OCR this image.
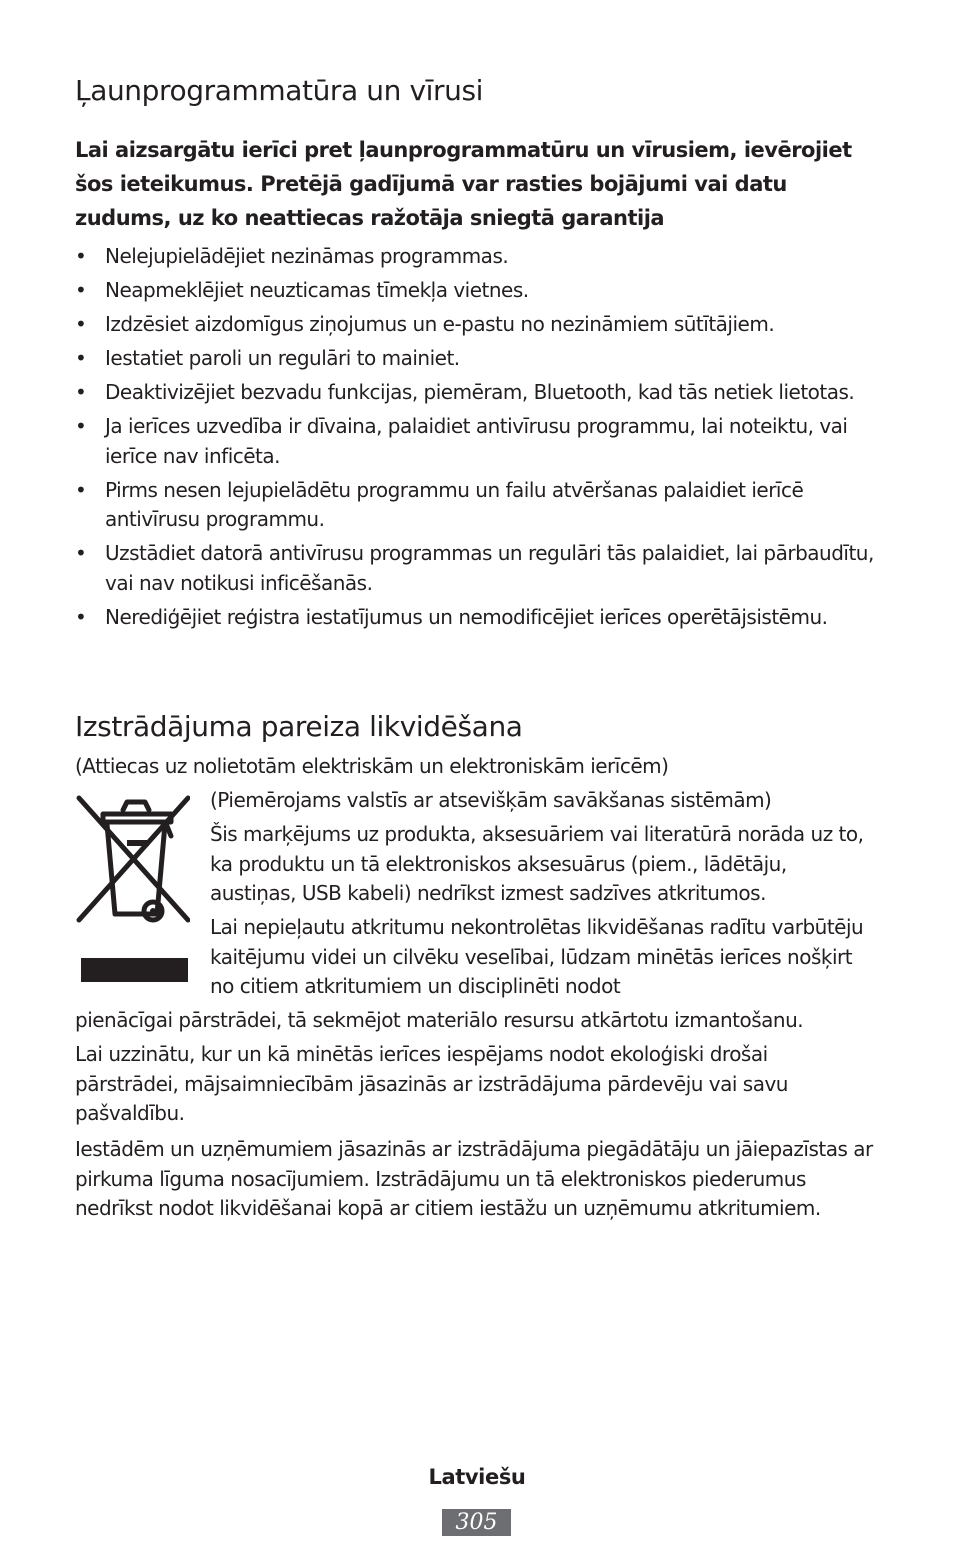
Ļaunprogrammatūra un vīrusi
Lai aizsargātu ierīci pret ļaunprogrammatūru un vīrusiem, ievērojiet šos ieteikumus. Pretējā gadījumā var rasties bojājumi vai datu zudums, uz ko neattiecas ražotāja sniegtā garantija
• Nelejupielādējiet nezināmas programmas.
• Neapmeklējiet neuzticamas tīmekļa vietnes.
• Izdzēsiet aizdomīgus ziņojumus un e-pastu no nezināmiem sūtītājiem.
• Iestatiet paroli un regulāri to mainiet.
• Deaktivizējiet bezvadu funkcijas, piemēram, Bluetooth, kad tās netiek lietotas.
• Ja ierīces uzvedība ir dīvaina, palaidiet antivīrusu programmu, lai noteiktu, vai ierīce nav inficēta.
• Pirms nesen lejupielādētu programmu un failu atvēršanas palaidiet ierīcē antivīrusu programmu.
• Uzstādiet datorā antivīrusu programmas un regulāri tās palaidiet, lai pārbaudītu, vai nav notikusi inficēšanās.
• Nerediģējiet reģistra iestatījumus un nemodificējiet ierīces operētājsistēmu.
Izstrādājuma pareiza likvidēšana
(Attiecas uz nolietotām elektriskām un elektroniskām ierīcēm)

(Piemērojams valstīs ar atsevišķām savākšanas sistēmām)

Šis marķējums uz produkta, aksesuāriem vai literatūrā norāda uz to, ka produktu un tā elektroniskos aksesuārus (piem., lādētāju, austiņas, USB kabeli) nedrīkst izmest sadzīves atkritumos.

Lai nepieļautu atkritumu nekontrolētas likvidēšanas radītu varbūtēju kaitējumu videi un cilvēku veselībai, lūdzam minētās ierīces nošķirt no citiem atkritumiem un disciplinēti nodot

pienācīgai pārstrādei, tā sekmējot materiālo resursu atkārtotu izmantošanu.

Lai uzzinātu, kur un kā minētās ierīces iespējams nodot ekoloģiski drošai pārstrādei, mājsaimniecībām jāsazinās ar izstrādājuma pārdevēju vai savu pašvaldību.

Iestādēm un uzņēmumiem jāsazinās ar izstrādājuma piegādātāju un jāiepazīstas ar pirkuma līguma nosacījumiem. Izstrādājumu un tā elektroniskos piederumus nedrīkst nodot likvidēšanai kopā ar citiem iestāžu un uzņēmumu atkritumiem.

Latviešu
305
